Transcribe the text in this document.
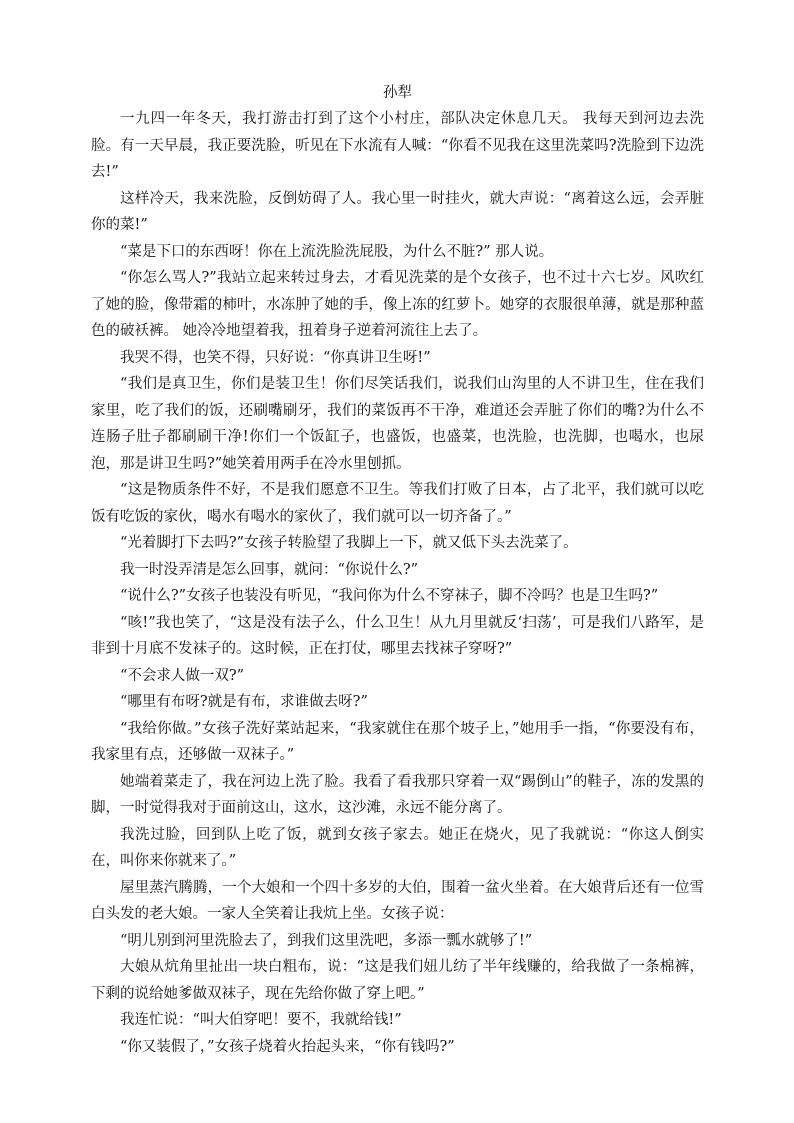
孙犁

一九四一年冬天，我打游击打到了这个小村庄，部队决定休息几天。 我每天到河边去洗脸。有一天早晨，我正要洗脸，听见在下水流有人喊：“你看不见我在这里洗菜吗?洗脸到下边洗去!”

这样冷天，我来洗脸，反倒妨碍了人。我心里一时挂火，就大声说：“离着这么远，会弄脏你的菜!”

“菜是下口的东西呀！你在上流洗脸洗屁股，为什么不脏?” 那人说。

“你怎么骂人?”我站立起来转过身去，才看见洗菜的是个女孩子，也不过十六七岁。风吹红了她的脸，像带霜的柿叶，水冻肿了她的手，像上冻的红萝卜。她穿的衣服很单薄，就是那种蓝色的破袄裤。 她冷冷地望着我，扭着身子逆着河流往上去了。

我哭不得，也笑不得，只好说：“你真讲卫生呀!”

“我们是真卫生，你们是装卫生！你们尽笑话我们，说我们山沟里的人不讲卫生，住在我们家里，吃了我们的饭，还刷嘴刷牙，我们的菜饭再不干净，难道还会弄脏了你们的嘴?为什么不连肠子肚子都刷刷干净!你们一个饭缸子，也盛饭，也盛菜，也洗脸，也洗脚，也喝水，也尿泡，那是讲卫生吗?”她笑着用两手在冷水里刨抓。

“这是物质条件不好，不是我们愿意不卫生。等我们打败了日本，占了北平，我们就可以吃饭有吃饭的家伙，喝水有喝水的家伙了，我们就可以一切齐备了。”

“光着脚打下去吗?”女孩子转脸望了我脚上一下，就又低下头去洗菜了。

我一时没弄清是怎么回事，就问：“你说什么?”

“说什么?”女孩子也装没有听见，“我问你为什么不穿袜子，脚不冷吗？也是卫生吗?”

“咳!”我也笑了，“这是没有法子么，什么卫生！从九月里就反‘扫荡’，可是我们八路军，是非到十月底不发袜子的。这时候，正在打仗，哪里去找袜子穿呀?”

“不会求人做一双?”

“哪里有布呀?就是有布，求谁做去呀?”

“我给你做。”女孩子洗好菜站起来，“我家就住在那个坡子上，”她用手一指，“你要没有布，我家里有点，还够做一双袜子。”

她端着菜走了，我在河边上洗了脸。我看了看我那只穿着一双“踢倒山”的鞋子，冻的发黑的脚，一时觉得我对于面前这山，这水，这沙滩，永远不能分离了。

我洗过脸，回到队上吃了饭，就到女孩子家去。她正在烧火，见了我就说：“你这人倒实在，叫你来你就来了。”

屋里蒸汽腾腾，一个大娘和一个四十多岁的大伯，围着一盆火坐着。在大娘背后还有一位雪白头发的老大娘。一家人全笑着让我炕上坐。女孩子说：

“明儿别到河里洗脸去了，到我们这里洗吧，多添一瓢水就够了!”

大娘从炕角里扯出一块白粗布，说：“这是我们妞儿纺了半年线赚的，给我做了一条棉裤，下剩的说给她爹做双袜子，现在先给你做了穿上吧。”

我连忙说：“叫大伯穿吧！要不，我就给钱!”

“你又装假了，”女孩子烧着火抬起头来，“你有钱吗?”
